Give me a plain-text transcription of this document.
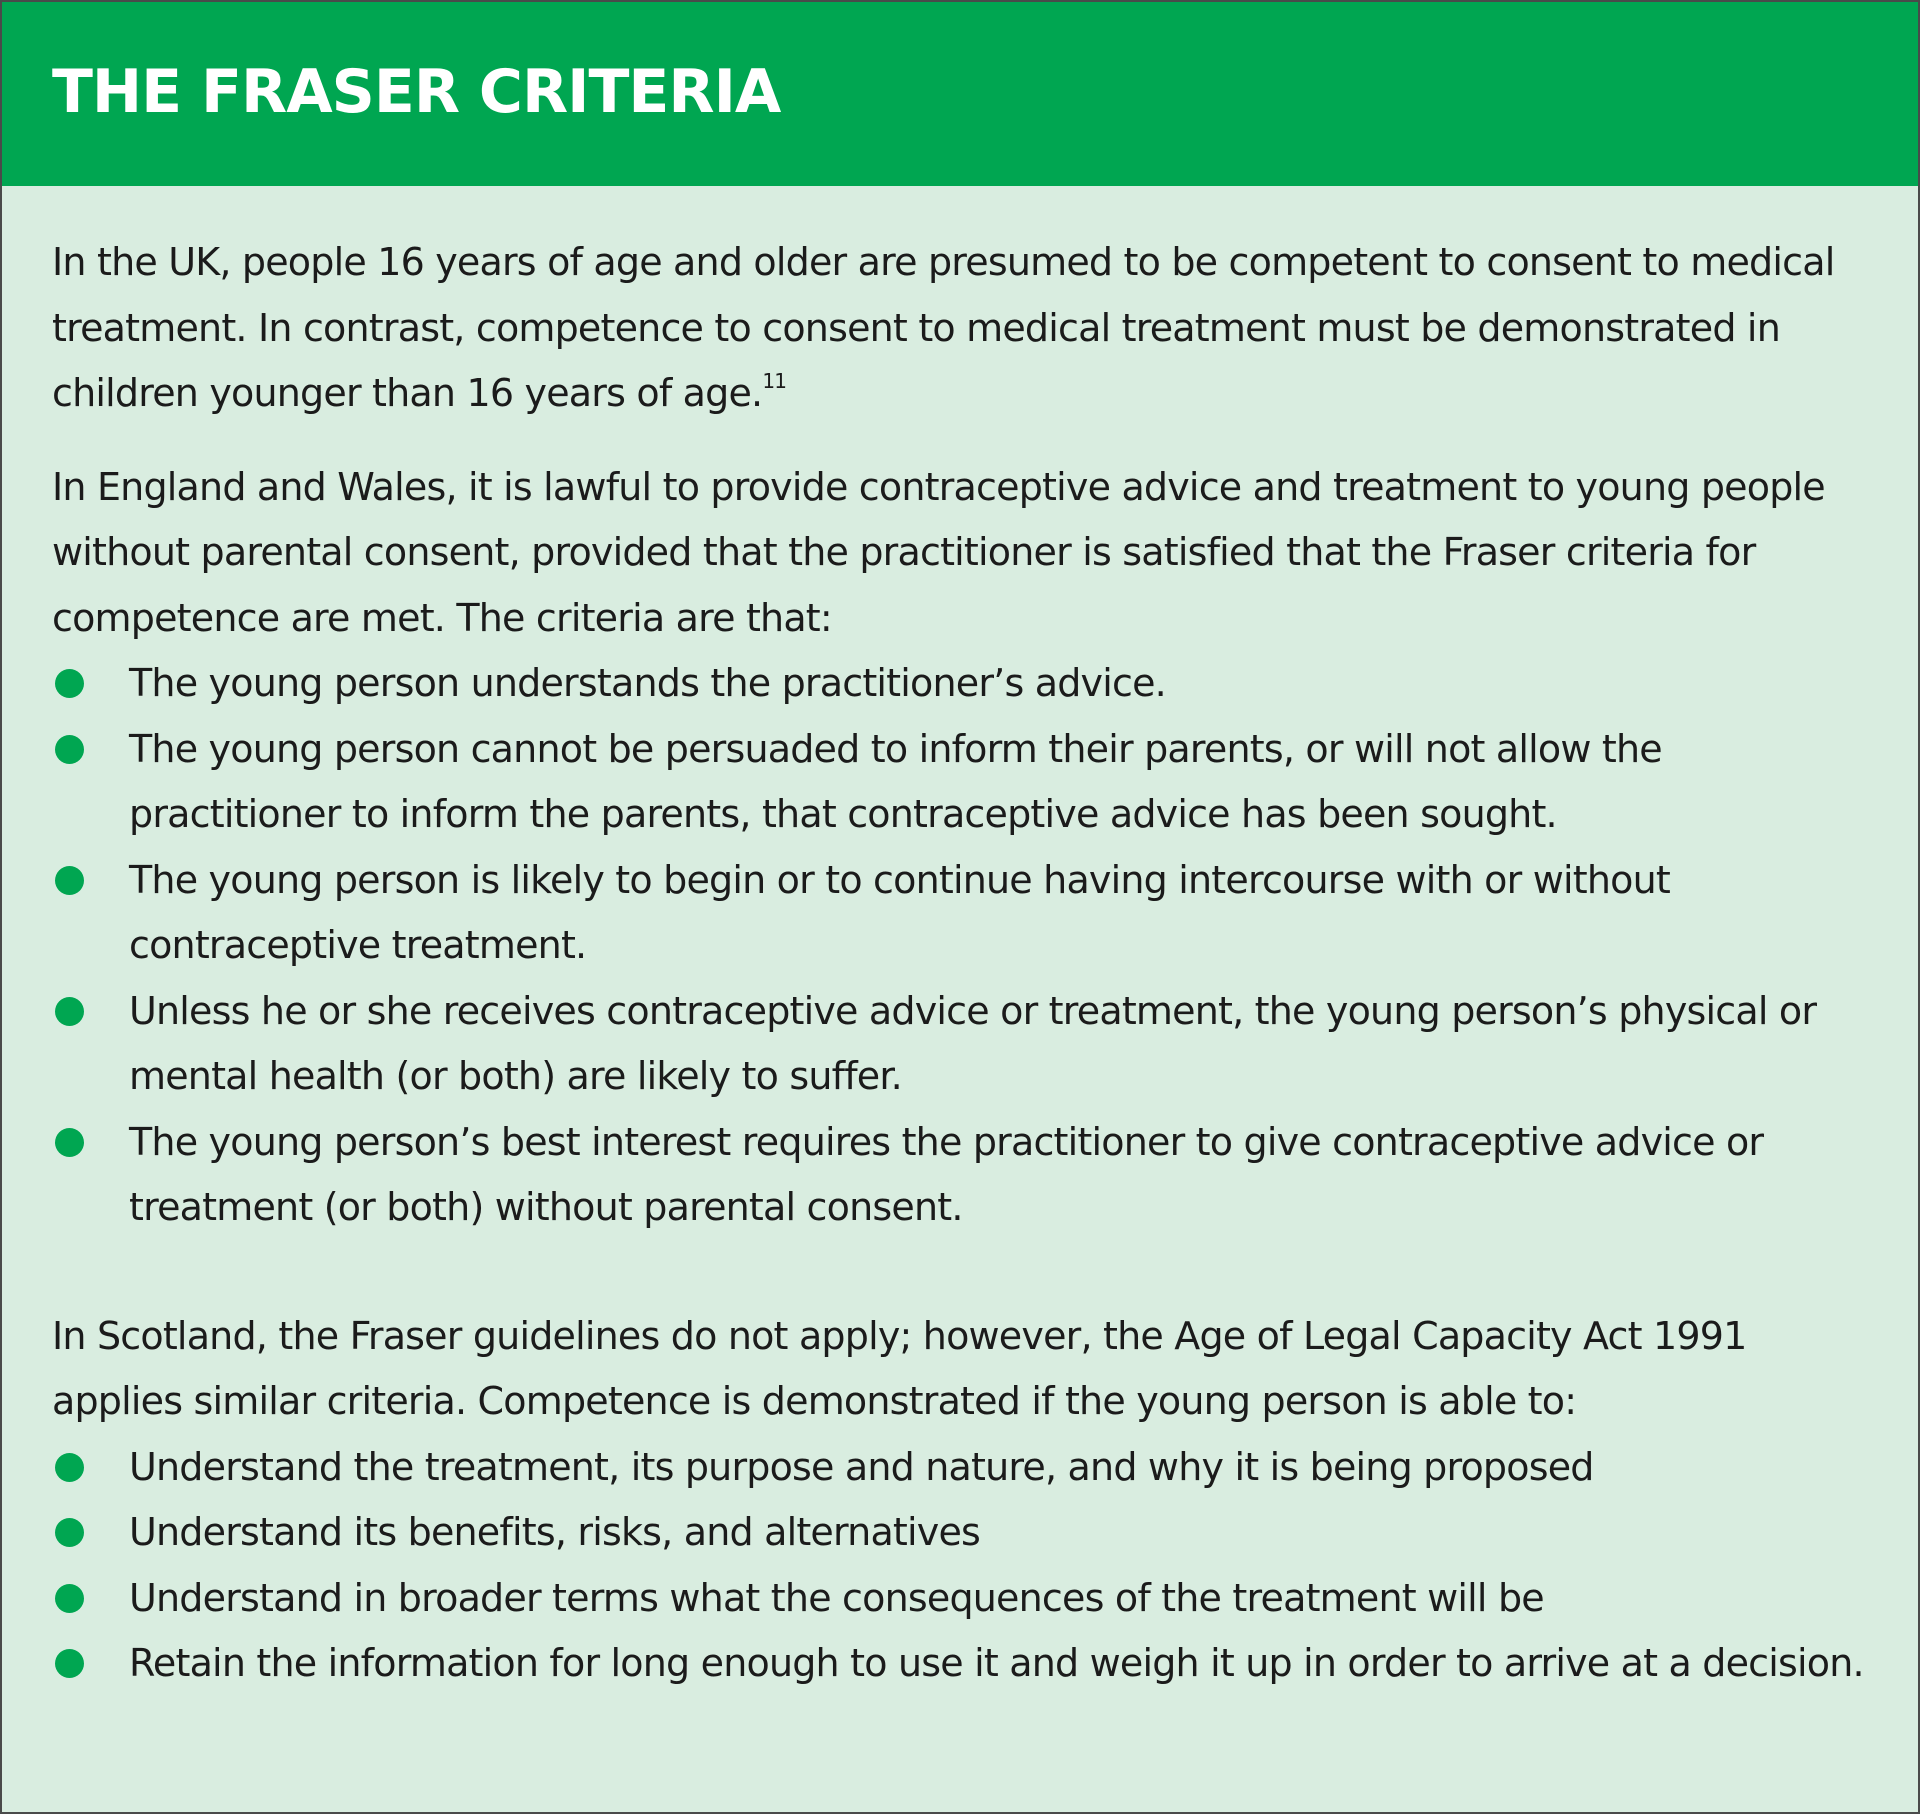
THE FRASER CRITERIA

In the UK, people 16 years of age and older are presumed to be competent to consent to medical treatment. In contrast, competence to consent to medical treatment must be demonstrated in children younger than 16 years of age.$^{11}$

In England and Wales, it is lawful to provide contraceptive advice and treatment to young people without parental consent, provided that the practitioner is satisfied that the Fraser criteria for competence are met. The criteria are that:

The young person understands the practitioner’s advice.
The young person cannot be persuaded to inform their parents, or will not allow the practitioner to inform the parents, that contraceptive advice has been sought.
The young person is likely to begin or to continue having intercourse with or without contraceptive treatment.
Unless he or she receives contraceptive advice or treatment, the young person’s physical or mental health (or both) are likely to suffer.
The young person’s best interest requires the practitioner to give contraceptive advice or treatment (or both) without parental consent.

In Scotland, the Fraser guidelines do not apply; however, the Age of Legal Capacity Act 1991 applies similar criteria. Competence is demonstrated if the young person is able to:

Understand the treatment, its purpose and nature, and why it is being proposed
Understand its benefits, risks, and alternatives
Understand in broader terms what the consequences of the treatment will be
Retain the information for long enough to use it and weigh it up in order to arrive at a decision.
